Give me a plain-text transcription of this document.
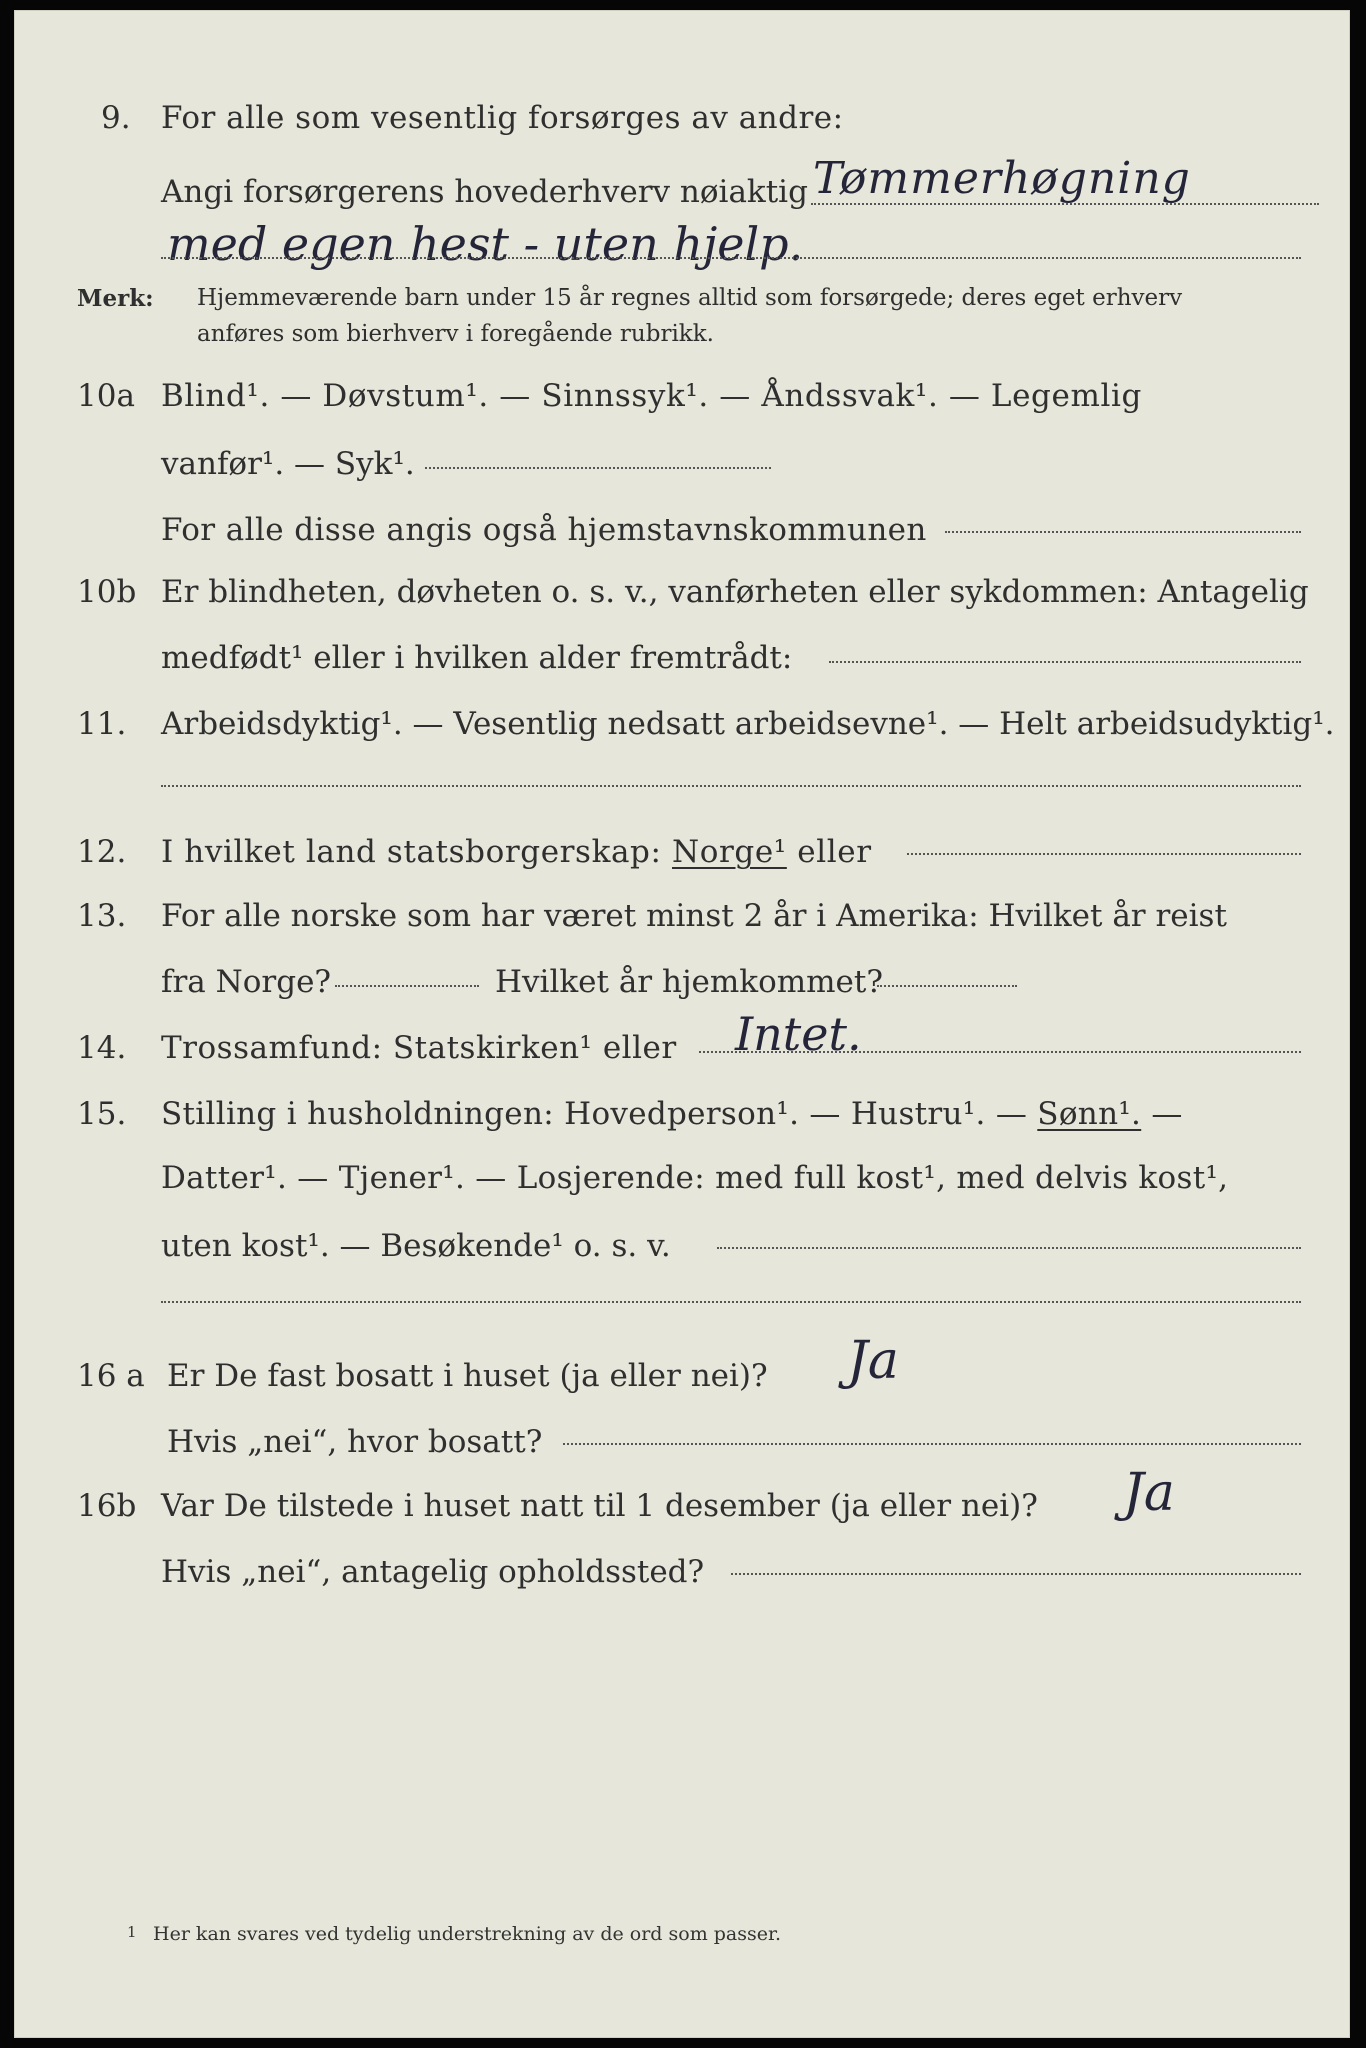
9. For alle som vesentlig forsørges av andre:
Angi forsørgerens hovederhverv nøiaktig Tømmerhøgning
med egen hest - uten hjelp.
Merk: Hjemmeværende barn under 15 år regnes alltid som forsørgede; deres eget erhverv
anføres som bierhverv i foregående rubrikk.
10a Blind¹. — Døvstum¹. — Sinnssyk¹. — Åndssvak¹. — Legemlig
vanfør¹. — Syk¹.
For alle disse angis også hjemstavnskommunen
10b Er blindheten, døvheten o. s. v., vanførheten eller sykdommen: Antagelig
medfødt¹ eller i hvilken alder fremtrådt:
11. Arbeidsdyktig¹. — Vesentlig nedsatt arbeidsevne¹. — Helt arbeidsudyktig¹.
12. I hvilket land statsborgerskap: Norge¹ eller
13. For alle norske som har været minst 2 år i Amerika: Hvilket år reist
fra Norge?	Hvilket år hjemkommet?
14. Trossamfund: Statskirken¹ eller Intet.
15. Stilling i husholdningen: Hovedperson¹. — Hustru¹. — Sønn¹. —
Datter¹. — Tjener¹. — Losjerende: med full kost¹, med delvis kost¹,
uten kost¹. — Besøkende¹ o. s. v.
16 a Er De fast bosatt i huset (ja eller nei)? Ja
Hvis „nei“, hvor bosatt?
16b Var De tilstede i huset natt til 1 desember (ja eller nei)? Ja
Hvis „nei“, antagelig opholdssted?
1 Her kan svares ved tydelig understrekning av de ord som passer.
